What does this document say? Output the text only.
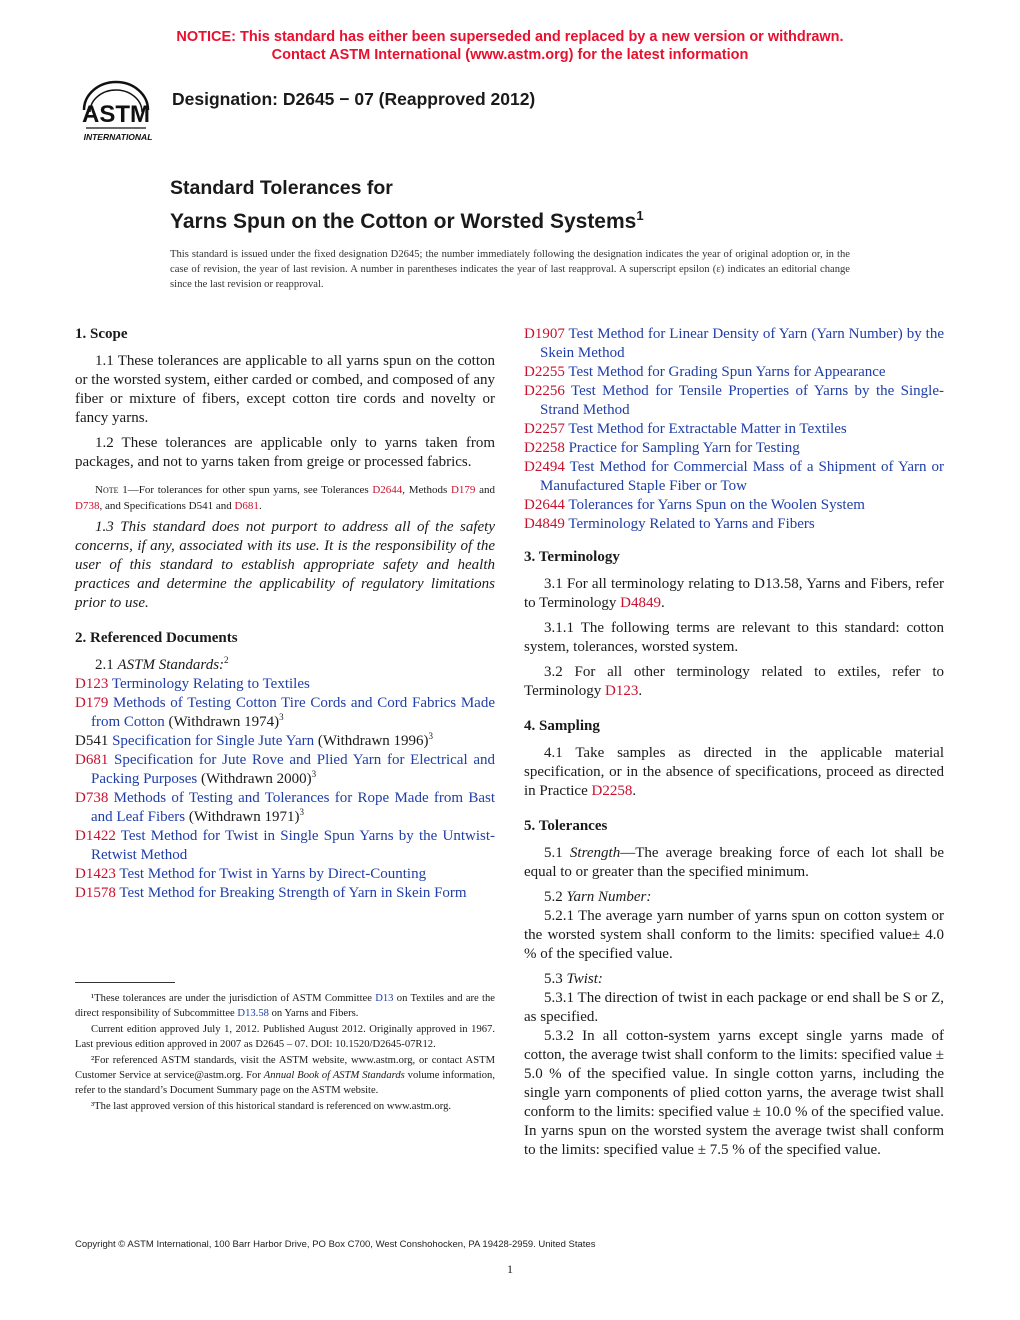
NOTICE: This standard has either been superseded and replaced by a new version or withdrawn.
Contact ASTM International (www.astm.org) for the latest information
ASTM
INTERNATIONAL
Designation: D2645 − 07 (Reapproved 2012)
Standard Tolerances for
Yarns Spun on the Cotton or Worsted Systems$^1$
This standard is issued under the fixed designation D2645; the number immediately following the designation indicates the year of original adoption or, in the case of revision, the year of last revision. A number in parentheses indicates the year of last reapproval. A superscript epsilon (ε) indicates an editorial change since the last revision or reapproval.
1. Scope

1.1 These tolerances are applicable to all yarns spun on the cotton or the worsted system, either carded or combed, and composed of any fiber or mixture of fibers, except cotton tire cords and novelty or fancy yarns.

1.2 These tolerances are applicable only to yarns taken from packages, and not to yarns taken from greige or processed fabrics.

Note 1—For tolerances for other spun yarns, see Tolerances D2644, Methods D179 and D738, and Specifications D541 and D681.

1.3 This standard does not purport to address all of the safety concerns, if any, associated with its use. It is the responsibility of the user of this standard to establish appropriate safety and health practices and determine the applicability of regulatory limitations prior to use.

2. Referenced Documents

2.1 ASTM Standards:$^2$

D123 Terminology Relating to Textiles

D179 Methods of Testing Cotton Tire Cords and Cord Fabrics Made from Cotton (Withdrawn 1974)$^3$

D541 Specification for Single Jute Yarn (Withdrawn 1996)$^3$

D681 Specification for Jute Rove and Plied Yarn for Electrical and Packing Purposes (Withdrawn 2000)$^3$

D738 Methods of Testing and Tolerances for Rope Made from Bast and Leaf Fibers (Withdrawn 1971)$^3$

D1422 Test Method for Twist in Single Spun Yarns by the Untwist-Retwist Method

D1423 Test Method for Twist in Yarns by Direct-Counting

D1578 Test Method for Breaking Strength of Yarn in Skein Form

D1907 Test Method for Linear Density of Yarn (Yarn Number) by the Skein Method

D2255 Test Method for Grading Spun Yarns for Appearance

D2256 Test Method for Tensile Properties of Yarns by the Single-Strand Method

D2257 Test Method for Extractable Matter in Textiles

D2258 Practice for Sampling Yarn for Testing

D2494 Test Method for Commercial Mass of a Shipment of Yarn or Manufactured Staple Fiber or Tow

D2644 Tolerances for Yarns Spun on the Woolen System

D4849 Terminology Related to Yarns and Fibers

3. Terminology

3.1 For all terminology relating to D13.58, Yarns and Fibers, refer to Terminology D4849.

3.1.1 The following terms are relevant to this standard: cotton system, tolerances, worsted system.

3.2 For all other terminology related to extiles, refer to Terminology D123.

4. Sampling

4.1 Take samples as directed in the applicable material specification, or in the absence of specifications, proceed as directed in Practice D2258.

5. Tolerances

5.1 Strength—The average breaking force of each lot shall be equal to or greater than the specified minimum.

5.2 Yarn Number:

5.2.1 The average yarn number of yarns spun on cotton system or the worsted system shall conform to the limits: specified value± 4.0 % of the specified value.

5.3 Twist:

5.3.1 The direction of twist in each package or end shall be S or Z, as specified.

5.3.2 In all cotton-system yarns except single yarns made of cotton, the average twist shall conform to the limits: specified value ± 5.0 % of the specified value. In single cotton yarns, including the single yarn components of plied cotton yarns, the average twist shall conform to the limits: specified value ± 10.0 % of the specified value. In yarns spun on the worsted system the average twist shall conform to the limits: specified value ± 7.5 % of the specified value.

¹These tolerances are under the jurisdiction of ASTM Committee D13 on Textiles and are the direct responsibility of Subcommittee D13.58 on Yarns and Fibers.

Current edition approved July 1, 2012. Published August 2012. Originally approved in 1967. Last previous edition approved in 2007 as D2645 – 07. DOI: 10.1520/D2645-07R12.

²For referenced ASTM standards, visit the ASTM website, www.astm.org, or contact ASTM Customer Service at service@astm.org. For Annual Book of ASTM Standards volume information, refer to the standard’s Document Summary page on the ASTM website.

³The last approved version of this historical standard is referenced on www.astm.org.

Copyright © ASTM International, 100 Barr Harbor Drive, PO Box C700, West Conshohocken, PA 19428-2959. United States
1
